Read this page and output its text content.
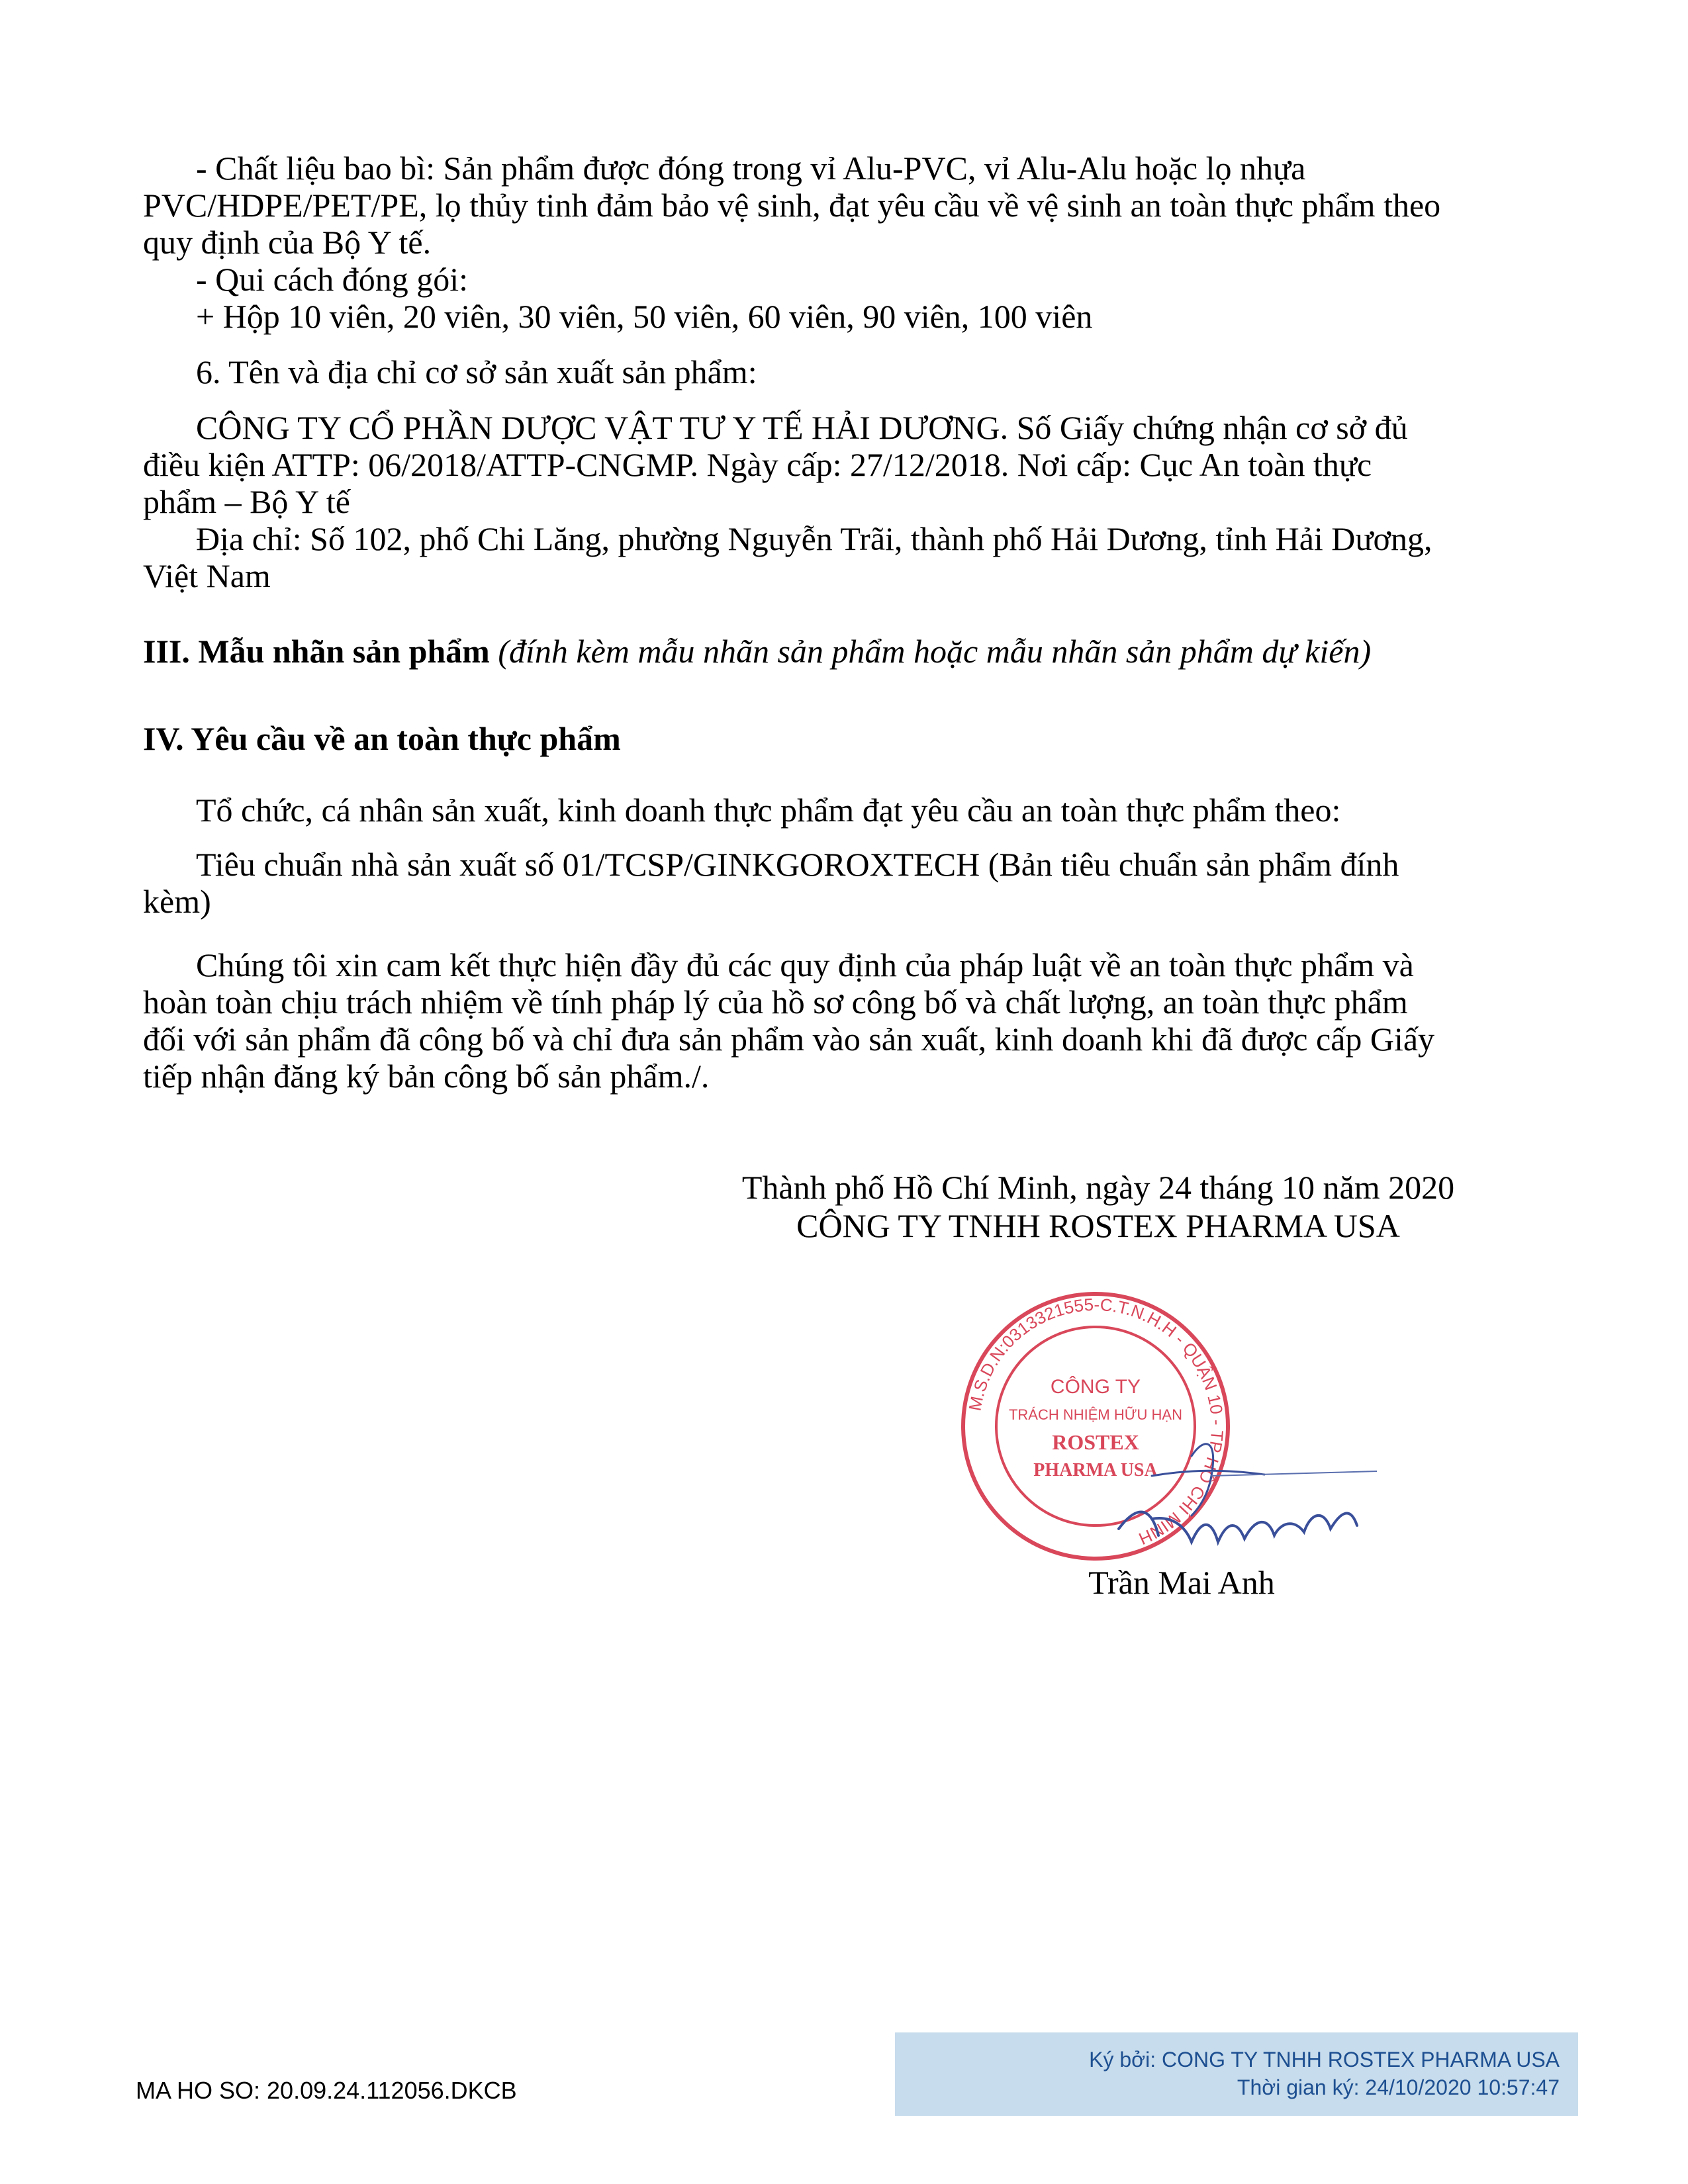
- Chất liệu bao bì: Sản phẩm được đóng trong vỉ Alu-PVC, vỉ Alu-Alu hoặc lọ nhựa
PVC/HDPE/PET/PE, lọ thủy tinh đảm bảo vệ sinh, đạt yêu cầu về vệ sinh an toàn thực phẩm theo
quy định của Bộ Y tế.

- Qui cách đóng gói:

+ Hộp 10 viên, 20 viên, 30 viên, 50 viên, 60 viên, 90 viên, 100 viên

6. Tên và địa chỉ cơ sở sản xuất sản phẩm:

CÔNG TY CỔ PHẦN DƯỢC VẬT TƯ Y TẾ HẢI DƯƠNG. Số Giấy chứng nhận cơ sở đủ
điều kiện ATTP: 06/2018/ATTP-CNGMP. Ngày cấp: 27/12/2018. Nơi cấp: Cục An toàn thực
phẩm – Bộ Y tế

Địa chỉ: Số 102, phố Chi Lăng, phường Nguyễn Trãi, thành phố Hải Dương, tỉnh Hải Dương,
Việt Nam

III. Mẫu nhãn sản phẩm (đính kèm mẫu nhãn sản phẩm hoặc mẫu nhãn sản phẩm dự kiến)

IV. Yêu cầu về an toàn thực phẩm

Tổ chức, cá nhân sản xuất, kinh doanh thực phẩm đạt yêu cầu an toàn thực phẩm theo:

Tiêu chuẩn nhà sản xuất số 01/TCSP/GINKGOROXTECH (Bản tiêu chuẩn sản phẩm đính
kèm)

Chúng tôi xin cam kết thực hiện đầy đủ các quy định của pháp luật về an toàn thực phẩm và
hoàn toàn chịu trách nhiệm về tính pháp lý của hồ sơ công bố và chất lượng, an toàn thực phẩm
đối với sản phẩm đã công bố và chỉ đưa sản phẩm vào sản xuất, kinh doanh khi đã được cấp Giấy
tiếp nhận đăng ký bản công bố sản phẩm./.

Thành phố Hồ Chí Minh, ngày 24 tháng 10 năm 2020
CÔNG TY TNHH ROSTEX PHARMA USA
M.S.D.N:0313321555-C.T.N.H.H - QUẬN 10 - TP HỒ CHÍ MINH
CÔNG TY
TRÁCH NHIỆM HỮU HẠN
ROSTEX
PHARMA USA
Trần Mai Anh
MA HO SO: 20.09.24.112056.DKCB
Ký bởi: CONG TY TNHH ROSTEX PHARMA USA
Thời gian ký: 24/10/2020 10:57:47
